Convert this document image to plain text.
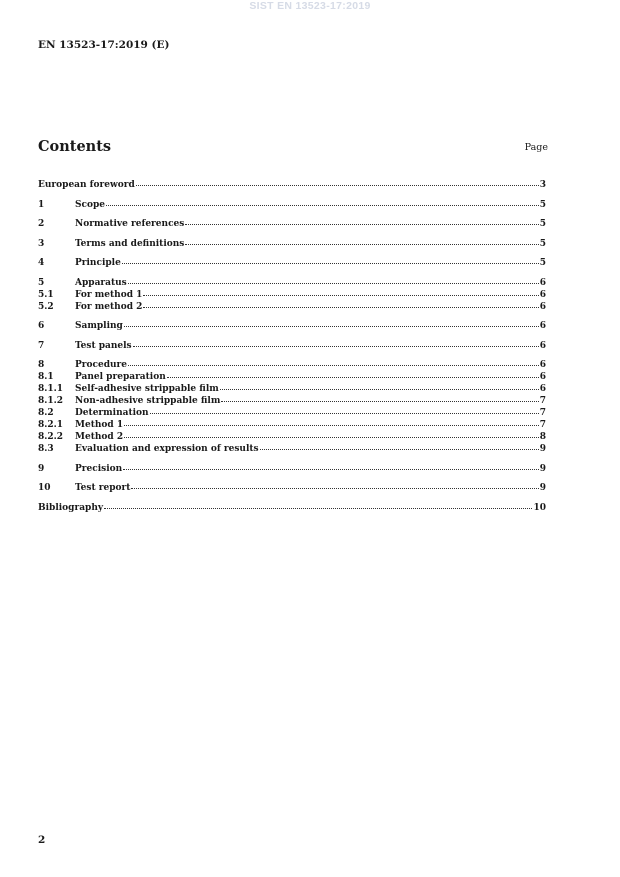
SIST EN 13523-17:2019
EN 13523-17:2019 (E)
Contents	Page
European foreword	3
1	Scope	5
2	Normative references	5
3	Terms and definitions	5
4	Principle	5
5	Apparatus	6
5.1	For method 1	6
5.2	For method 2	6
6	Sampling	6
7	Test panels	6
8	Procedure	6
8.1	Panel preparation	6
8.1.1	Self-adhesive strippable film	6
8.1.2	Non-adhesive strippable film	7
8.2	Determination	7
8.2.1	Method 1	7
8.2.2	Method 2	8
8.3	Evaluation and expression of results	9
9	Precision	9
10	Test report	9
Bibliography	10
2
